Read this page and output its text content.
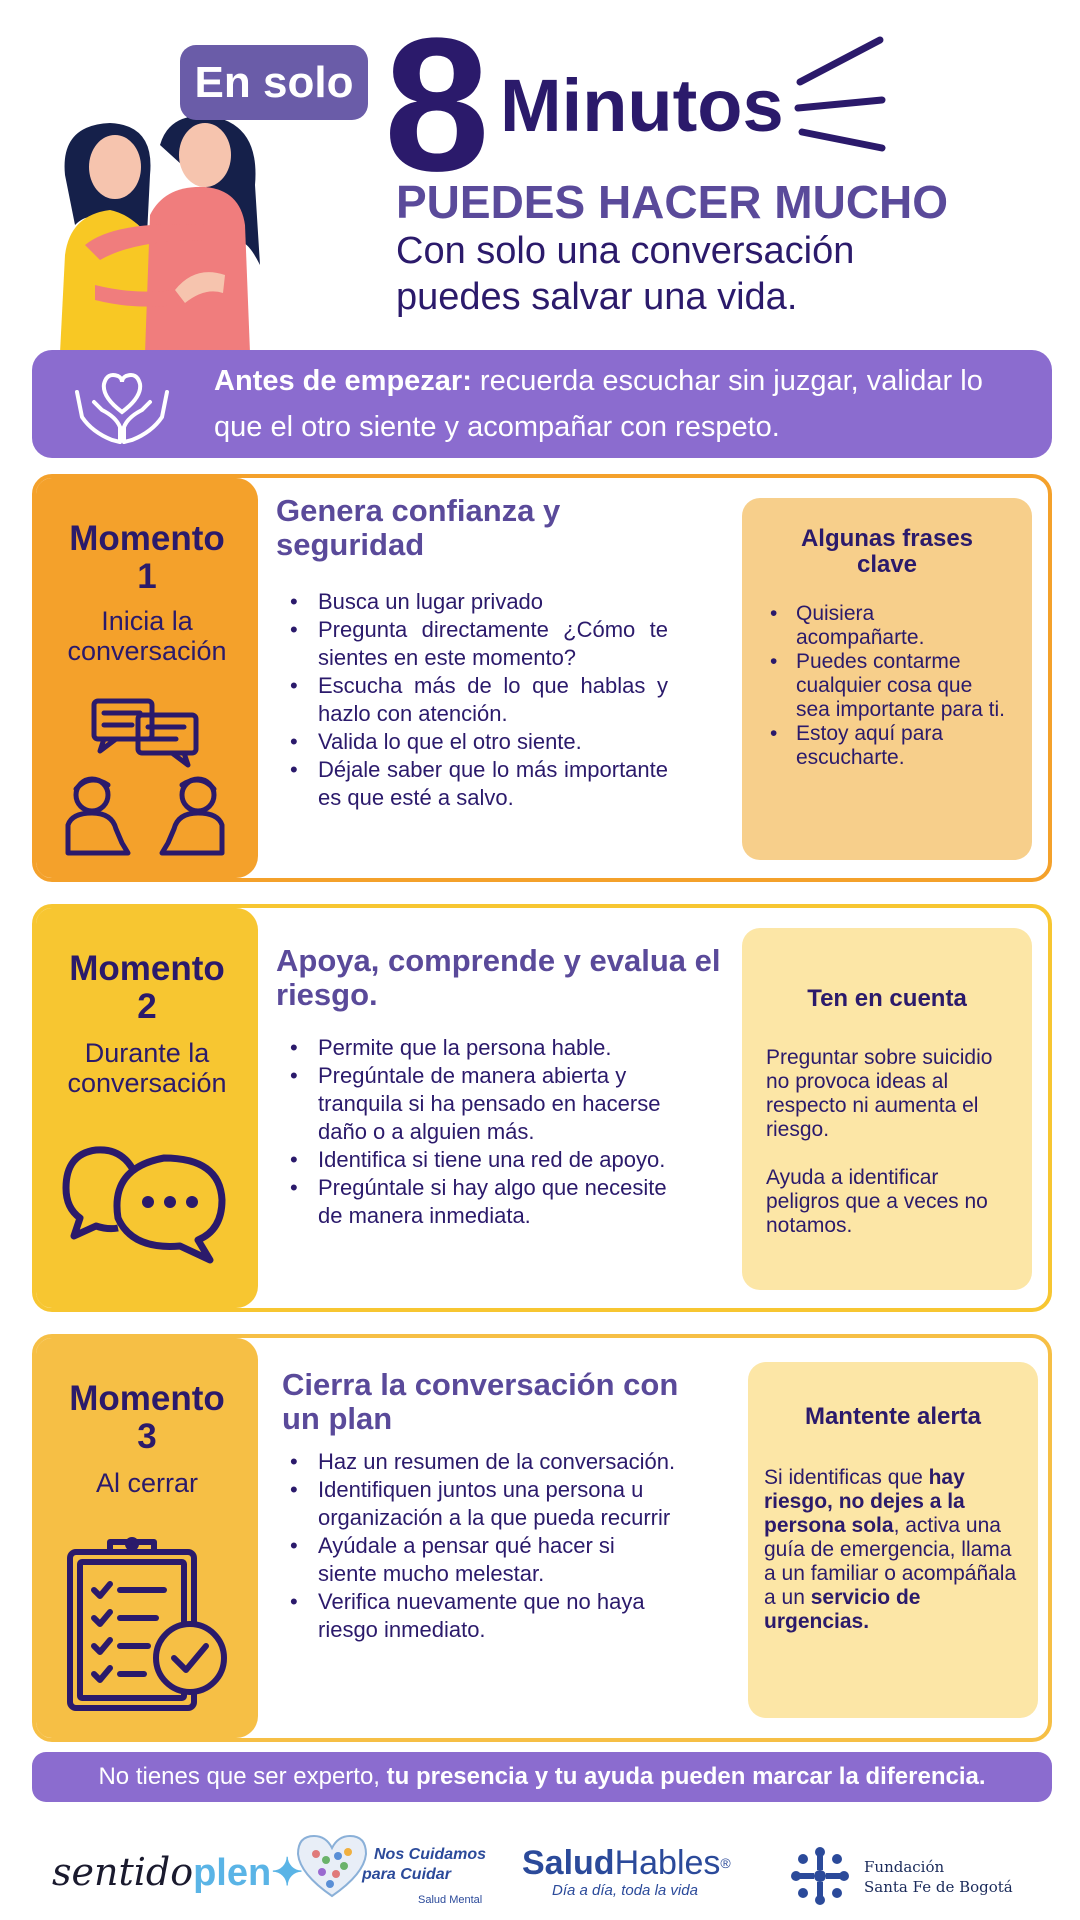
En solo 8 Minutos
PUEDES HACER MUCHO
Con solo una conversación
puedes salvar una vida.
Antes de empezar: recuerda escuchar sin juzgar, validar lo que el otro siente y acompañar con respeto.
Momento
1
Inicia la conversación
Genera confianza y seguridad
• Busca un lugar privado
• Pregunta directamente ¿Cómo te sientes en este momento?
• Escucha más de lo que hablas y hazlo con atención.
• Valida lo que el otro siente.
• Déjale saber que lo más importante es que esté a salvo.
Algunas frases clave
• Quisiera acompañarte.
• Puedes contarme cualquier cosa que sea importante para ti.
• Estoy aquí para escucharte.
Momento
2
Durante la conversación
Apoya, comprende y evalua el riesgo.
• Permite que la persona hable.
• Pregúntale de manera abierta y tranquila si ha pensado en hacerse daño o a alguien más.
• Identifica si tiene una red de apoyo.
• Pregúntale si hay algo que necesite de manera inmediata.
Ten en cuenta
Preguntar sobre suicidio no provoca ideas al respecto ni aumenta el riesgo.
Ayuda a identificar peligros que a veces no notamos.
Momento
3
Al cerrar
Cierra la conversación con un plan
• Haz un resumen de la conversación.
• Identifiquen juntos una persona u organización a la que pueda recurrir
• Ayúdale a pensar qué hacer si siente mucho melestar.
• Verifica nuevamente que no haya riesgo inmediato.
Mantente alerta
Si identificas que hay riesgo, no dejes a la persona sola, activa una guía de emergencia, llama a un familiar o acompáñala a un servicio de urgencias.
No tienes que ser experto, tu presencia y tu ayuda pueden marcar la diferencia.
sentidoplen✦	Nos Cuidamos
para Cuidar
Salud Mental
SaludHables®
Día a día, toda la vida
Fundación
Santa Fe de Bogotá
